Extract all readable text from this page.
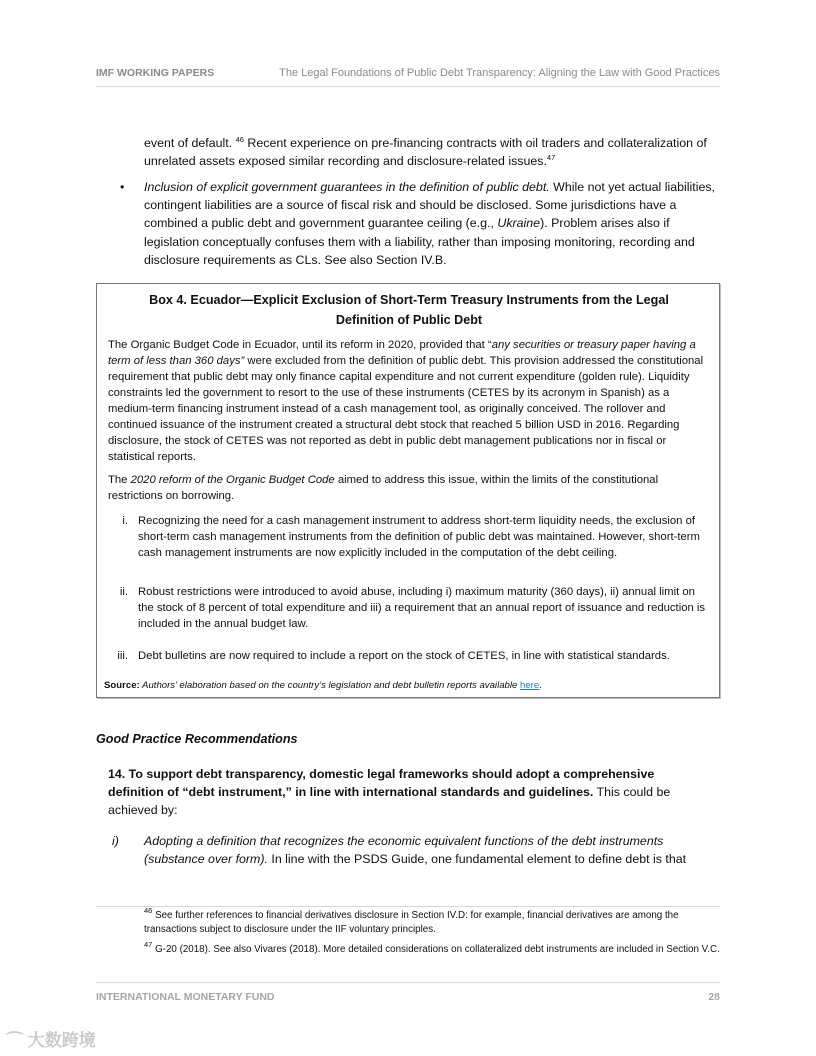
IMF WORKING PAPERS	The Legal Foundations of Public Debt Transparency: Aligning the Law with Good Practices
event of default. $^{46}$ Recent experience on pre-financing contracts with oil traders and collateralization of unrelated assets exposed similar recording and disclosure-related issues.$^{47}$
• Inclusion of explicit government guarantees in the definition of public debt. While not yet actual liabilities, contingent liabilities are a source of fiscal risk and should be disclosed. Some jurisdictions have a combined a public debt and government guarantee ceiling (e.g., Ukraine). Problem arises also if legislation conceptually confuses them with a liability, rather than imposing monitoring, recording and disclosure requirements as CLs. See also Section IV.B.
Box 4. Ecuador—Explicit Exclusion of Short-Term Treasury Instruments from the Legal Definition of Public Debt
The Organic Budget Code in Ecuador, until its reform in 2020, provided that “any securities or treasury paper having a term of less than 360 days” were excluded from the definition of public debt. This provision addressed the constitutional requirement that public debt may only finance capital expenditure and not current expenditure (golden rule). Liquidity constraints led the government to resort to the use of these instruments (CETES by its acronym in Spanish) as a medium-term financing instrument instead of a cash management tool, as originally conceived. The rollover and continued issuance of the instrument created a structural debt stock that reached 5 billion USD in 2016. Regarding disclosure, the stock of CETES was not reported as debt in public debt management publications nor in fiscal or statistical reports.
The 2020 reform of the Organic Budget Code aimed to address this issue, within the limits of the constitutional restrictions on borrowing.
i. Recognizing the need for a cash management instrument to address short-term liquidity needs, the exclusion of short-term cash management instruments from the definition of public debt was maintained. However, short-term cash management instruments are now explicitly included in the computation of the debt ceiling.
ii. Robust restrictions were introduced to avoid abuse, including i) maximum maturity (360 days), ii) annual limit on the stock of 8 percent of total expenditure and iii) a requirement that an annual report of issuance and reduction is included in the annual budget law.
iii. Debt bulletins are now required to include a report on the stock of CETES, in line with statistical standards.
Source: Authors’ elaboration based on the country’s legislation and debt bulletin reports available here.
Good Practice Recommendations
14. To support debt transparency, domestic legal frameworks should adopt a comprehensive definition of “debt instrument,” in line with international standards and guidelines. This could be achieved by:
i) Adopting a definition that recognizes the economic equivalent functions of the debt instruments (substance over form). In line with the PSDS Guide, one fundamental element to define debt is that
$^{46}$ See further references to financial derivatives disclosure in Section IV.D: for example, financial derivatives are among the transactions subject to disclosure under the IIF voluntary principles.
$^{47}$ G-20 (2018). See also Vivares (2018). More detailed considerations on collateralized debt instruments are included in Section V.C.
INTERNATIONAL MONETARY FUND	28
⌒ 大数跨境
